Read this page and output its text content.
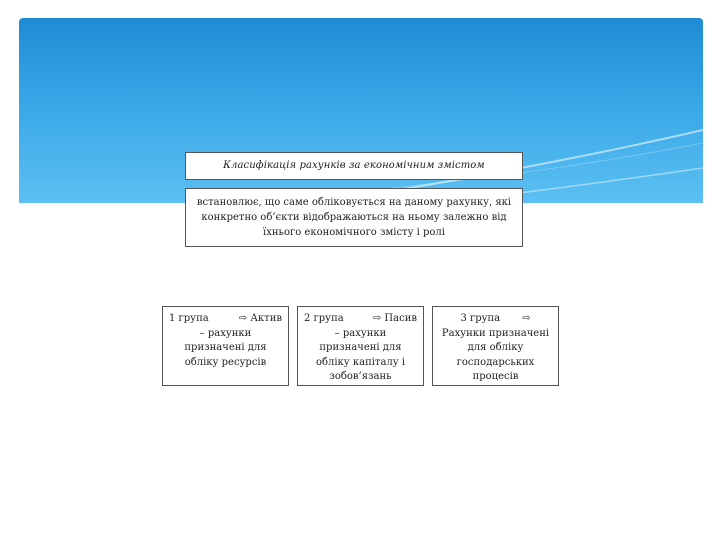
Класифікація рахунків за економічним змістом
встановлює, що саме обліковується на даному рахунку, які конкретно об’єкти відображаються на ньому залежно від їхнього економічного змісту і ролі
1 група	⇨ Актив
– рахунки призначені для обліку ресурсів
2 група	⇨ Пасив
– рахунки призначені для обліку капіталу і зобов’язань
3 група ⇨
Рахунки призначені для обліку господарських процесів
